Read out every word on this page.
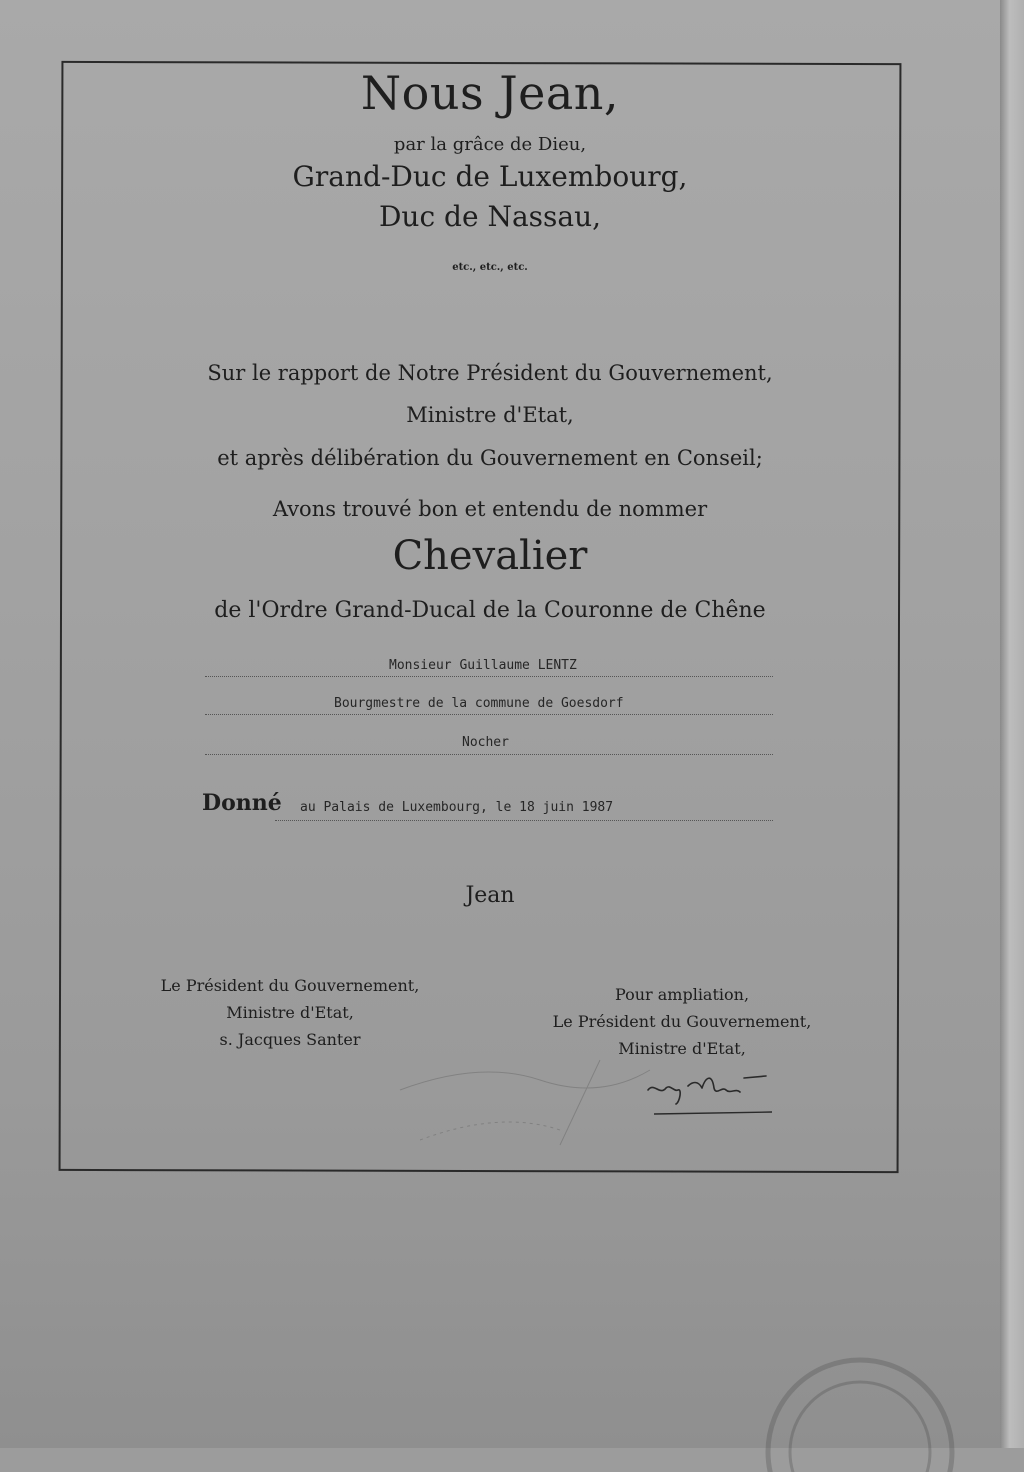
Nous Jean,
par la grâce de Dieu,
Grand-Duc de Luxembourg,
Duc de Nassau,
etc., etc., etc.
Sur le rapport de Notre Président du Gouvernement,
Ministre d'Etat,
et après délibération du Gouvernement en Conseil;
Avons trouvé bon et entendu de nommer
Chevalier
de l'Ordre Grand-Ducal de la Couronne de Chêne
Monsieur Guillaume LENTZ
Bourgmestre de la commune de Goesdorf
Nocher
Donné au Palais de Luxembourg, le 18 juin 1987
Jean
Le Président du Gouvernement,
Ministre d'Etat,
s. Jacques Santer
Pour ampliation,
Le Président du Gouvernement,
Ministre d'Etat,
